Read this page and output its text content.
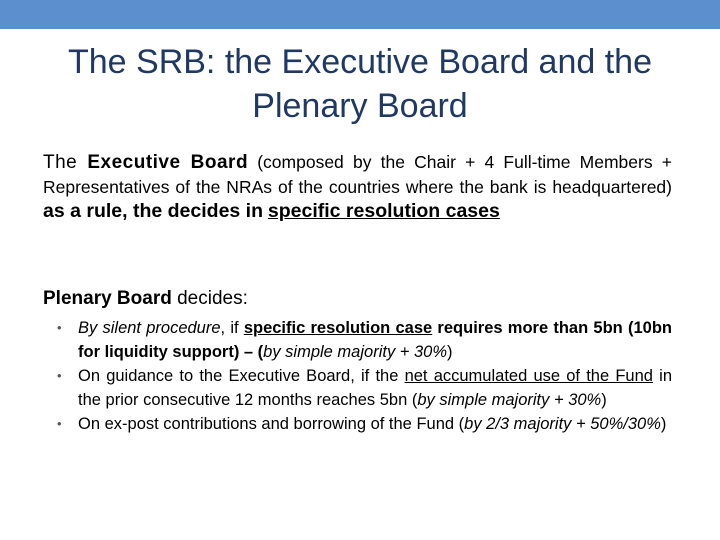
The SRB: the Executive Board and the
Plenary Board
The Executive Board (composed by the Chair + 4 Full-time Members + Representatives of the NRAs of the countries where the bank is headquartered) as a rule, the decides in specific resolution cases
Plenary Board decides:
• By silent procedure, if specific resolution case requires more than 5bn (10bn for liquidity support) – (by simple majority + 30%)
• On guidance to the Executive Board, if the net accumulated use of the Fund in the prior consecutive 12 months reaches 5bn (by simple majority + 30%)
• On ex-post contributions and borrowing of the Fund (by 2/3 majority + 50%/30%)
